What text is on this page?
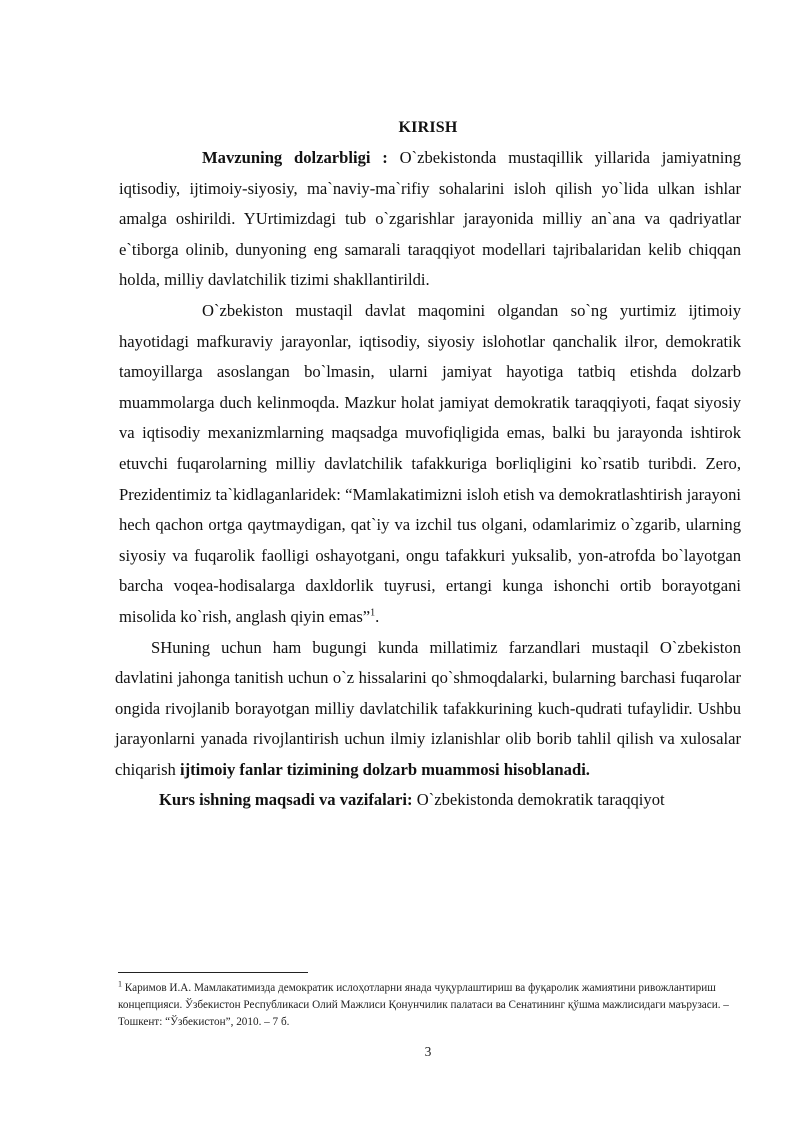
KIRISH

Mavzuning dolzarbligi : O`zbekistonda mustaqillik yillarida jamiyatning iqtisodiy, ijtimoiy-siyosiy, ma`naviy-ma`rifiy sohalarini isloh qilish yo`lida ulkan ishlar amalga oshirildi. YUrtimizdagi tub o`zgarishlar jarayonida milliy an`ana va qadriyatlar e`tiborga olinib, dunyoning eng samarali taraqqiyot modellari tajribalaridan kelib chiqqan holda, milliy davlatchilik tizimi shakllantirildi.

O`zbekiston mustaqil davlat maqomini olgandan so`ng yurtimiz ijtimoiy hayotidagi mafkuraviy jarayonlar, iqtisodiy, siyosiy islohotlar qanchalik ilғor, demokratik tamoyillarga asoslangan bo`lmasin, ularni jamiyat hayotiga tatbiq etishda dolzarb muammolarga duch kelinmoqda. Mazkur holat jamiyat demokratik taraqqiyoti, faqat siyosiy va iqtisodiy mexanizmlarning maqsadga muvofiqligida emas, balki bu jarayonda ishtirok etuvchi fuqarolarning milliy davlatchilik tafakkuriga boғliqligini ko`rsatib turibdi. Zero, Prezidentimiz ta`kidlaganlaridek: “Mamlakatimizni isloh etish va demokratlashtirish jarayoni hech qachon ortga qaytmaydigan, qat`iy va izchil tus olgani, odamlarimiz o`zgarib, ularning siyosiy va fuqarolik faolligi oshayotgani, ongu tafakkuri yuksalib, yon-atrofda bo`layotgan barcha voqea-hodisalarga daxldorlik tuyғusi, ertangi kunga ishonchi ortib borayotgani misolida ko`rish, anglash qiyin emas”$^1$.

SHuning uchun ham bugungi kunda millatimiz farzandlari mustaqil O`zbekiston davlatini jahonga tanitish uchun o`z hissalarini qo`shmoqdalarki, bularning barchasi fuqarolar ongida rivojlanib borayotgan milliy davlatchilik tafakkurining kuch-qudrati tufaylidir. Ushbu jarayonlarni yanada rivojlantirish uchun ilmiy izlanishlar olib borib tahlil qilish va xulosalar chiqarish ijtimoiy fanlar tizimining dolzarb muammosi hisoblanadi.

Kurs ishning maqsadi va vazifalari: O`zbekistonda demokratik taraqqiyot

$^1$ Каримов И.А. Мамлакатимизда демократик ислоҳотларни янада чуқурлаштириш ва фуқаролик жамиятини ривожлантириш концепцияси. Ўзбекистон Республикаси Олий Мажлиси Қонунчилик палатаси ва Сенатининг қўшма мажлисидаги маърузаси. – Тошкент: “Ўзбекистон”, 2010. – 7 б.
3
